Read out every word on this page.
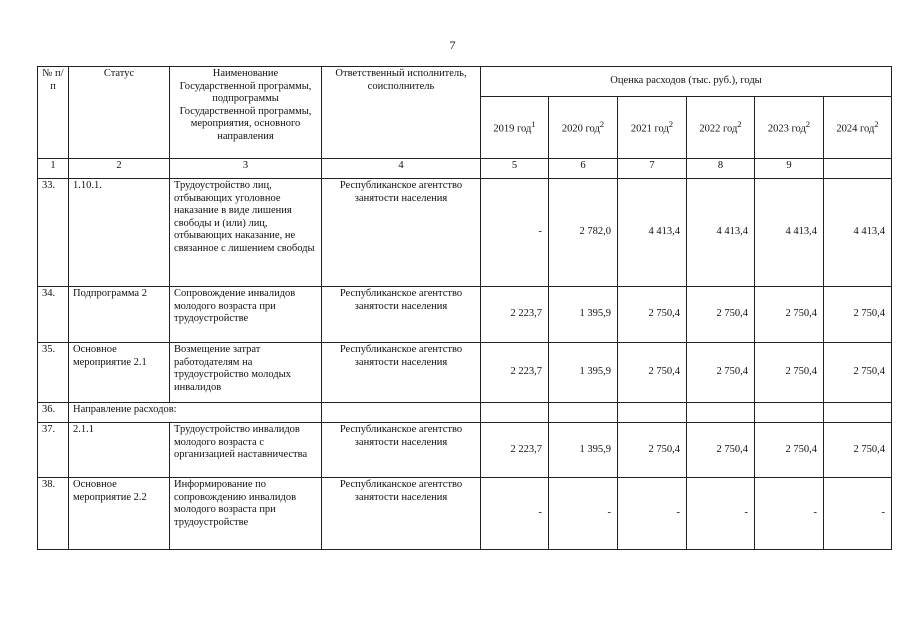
7
№ п/п	Статус	Наименование Государственной программы, подпрограммы Государственной программы, мероприятия, основного направления	Ответственный исполнитель, соисполнитель	Оценка расходов (тыс. руб.), годы					
				2019 год$^1$	2020 год$^2$	2021 год$^2$	2022 год$^2$	2023 год$^2$	2024 год$^2$
1	2	3	4	5	6	7	8	9	
33.	1.10.1.	Трудоустройство лиц, отбывающих уголовное наказание в виде лишения свободы и (или) лиц, отбывающих наказание, не связанное с лишением свободы	Республиканское агентство занятости населения	-	2 782,0	4 413,4	4 413,4	4 413,4	4 413,4
34.	Подпрограмма 2	Сопровождение инвалидов молодого возраста при трудоустройстве	Республиканское агентство занятости населения	2 223,7	1 395,9	2 750,4	2 750,4	2 750,4	2 750,4
35.	Основное мероприятие 2.1	Возмещение затрат работодателям на трудоустройство молодых инвалидов	Республиканское агентство занятости населения	2 223,7	1 395,9	2 750,4	2 750,4	2 750,4	2 750,4
36.	Направление расходов:								
37.	2.1.1	Трудоустройство инвалидов молодого возраста с организацией наставничества	Республиканское агентство занятости населения	2 223,7	1 395,9	2 750,4	2 750,4	2 750,4	2 750,4
38.	Основное мероприятие 2.2	Информирование по сопровождению инвалидов молодого возраста при трудоустройстве	Республиканское агентство занятости населения	-	-	-	-	-	-
